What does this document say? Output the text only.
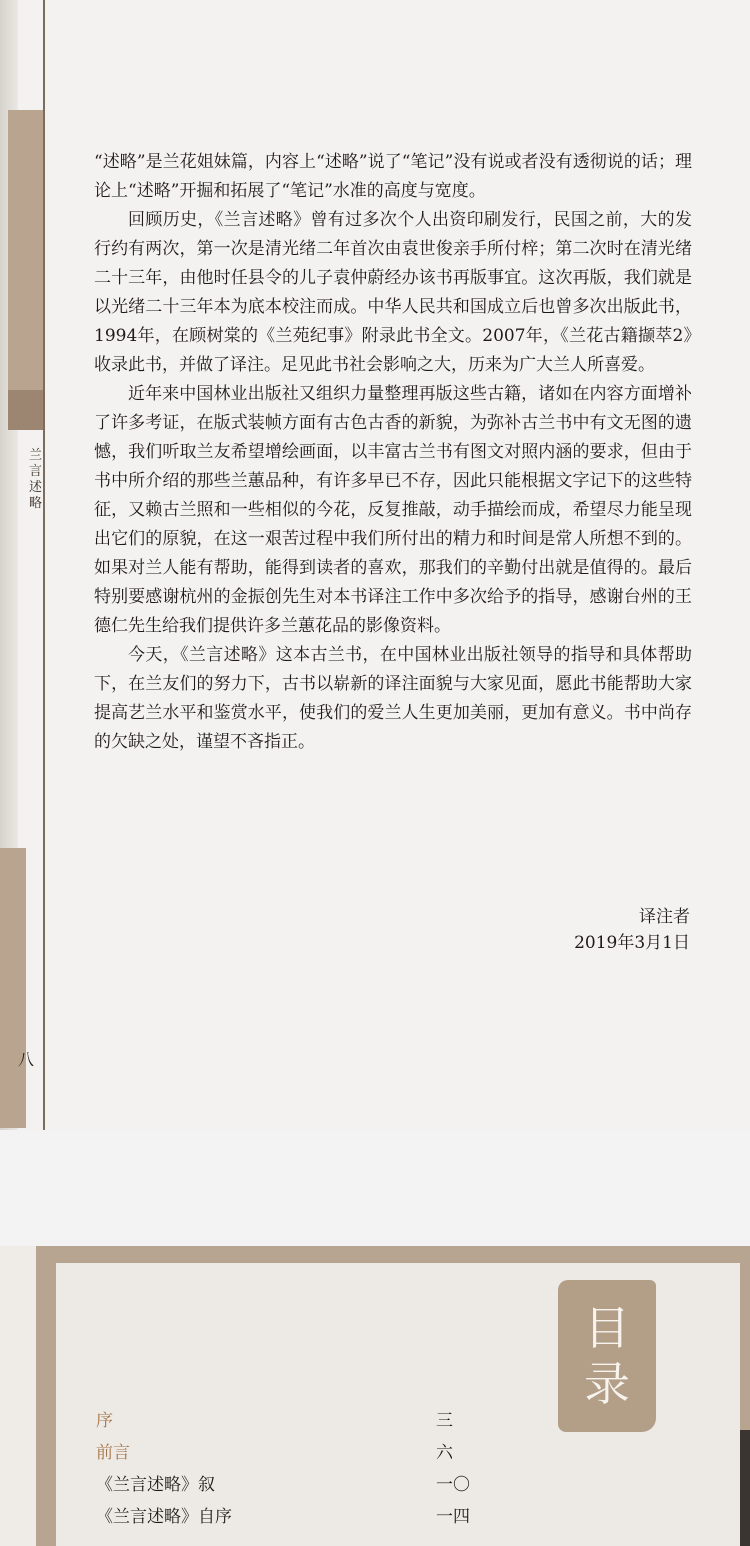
兰言述略
八

“述略”是兰花姐妹篇，内容上“述略”说了“笔记”没有说或者没有透彻说的话；理论上“述略”开掘和拓展了“笔记”水准的高度与宽度。

回顾历史，《兰言述略》曾有过多次个人出资印刷发行，民国之前，大的发行约有两次，第一次是清光绪二年首次由袁世俊亲手所付梓；第二次时在清光绪二十三年，由他时任县令的儿子袁仲蔚经办该书再版事宜。这次再版，我们就是以光绪二十三年本为底本校注而成。中华人民共和国成立后也曾多次出版此书，1994年，在顾树棠的《兰苑纪事》附录此书全文。2007年，《兰花古籍撷萃2》收录此书，并做了译注。足见此书社会影响之大，历来为广大兰人所喜爱。

近年来中国林业出版社又组织力量整理再版这些古籍，诸如在内容方面增补了许多考证，在版式装帧方面有古色古香的新貌，为弥补古兰书中有文无图的遗憾，我们听取兰友希望增绘画面，以丰富古兰书有图文对照内涵的要求，但由于书中所介绍的那些兰蕙品种，有许多早已不存，因此只能根据文字记下的这些特征，又赖古兰照和一些相似的今花，反复推敲，动手描绘而成，希望尽力能呈现出它们的原貌，在这一艰苦过程中我们所付出的精力和时间是常人所想不到的。如果对兰人能有帮助，能得到读者的喜欢，那我们的辛勤付出就是值得的。最后特别要感谢杭州的金振创先生对本书译注工作中多次给予的指导，感谢台州的王德仁先生给我们提供许多兰蕙花品的影像资料。

今天，《兰言述略》这本古兰书，在中国林业出版社领导的指导和具体帮助下，在兰友们的努力下，古书以崭新的译注面貌与大家见面，愿此书能帮助大家提高艺兰水平和鉴赏水平，使我们的爱兰人生更加美丽，更加有意义。书中尚存的欠缺之处，谨望不吝指正。

译注者
2019年3月1日
目
录
序	三
前言	六
《兰言述略》叙	一〇
《兰言述略》自序	一四
